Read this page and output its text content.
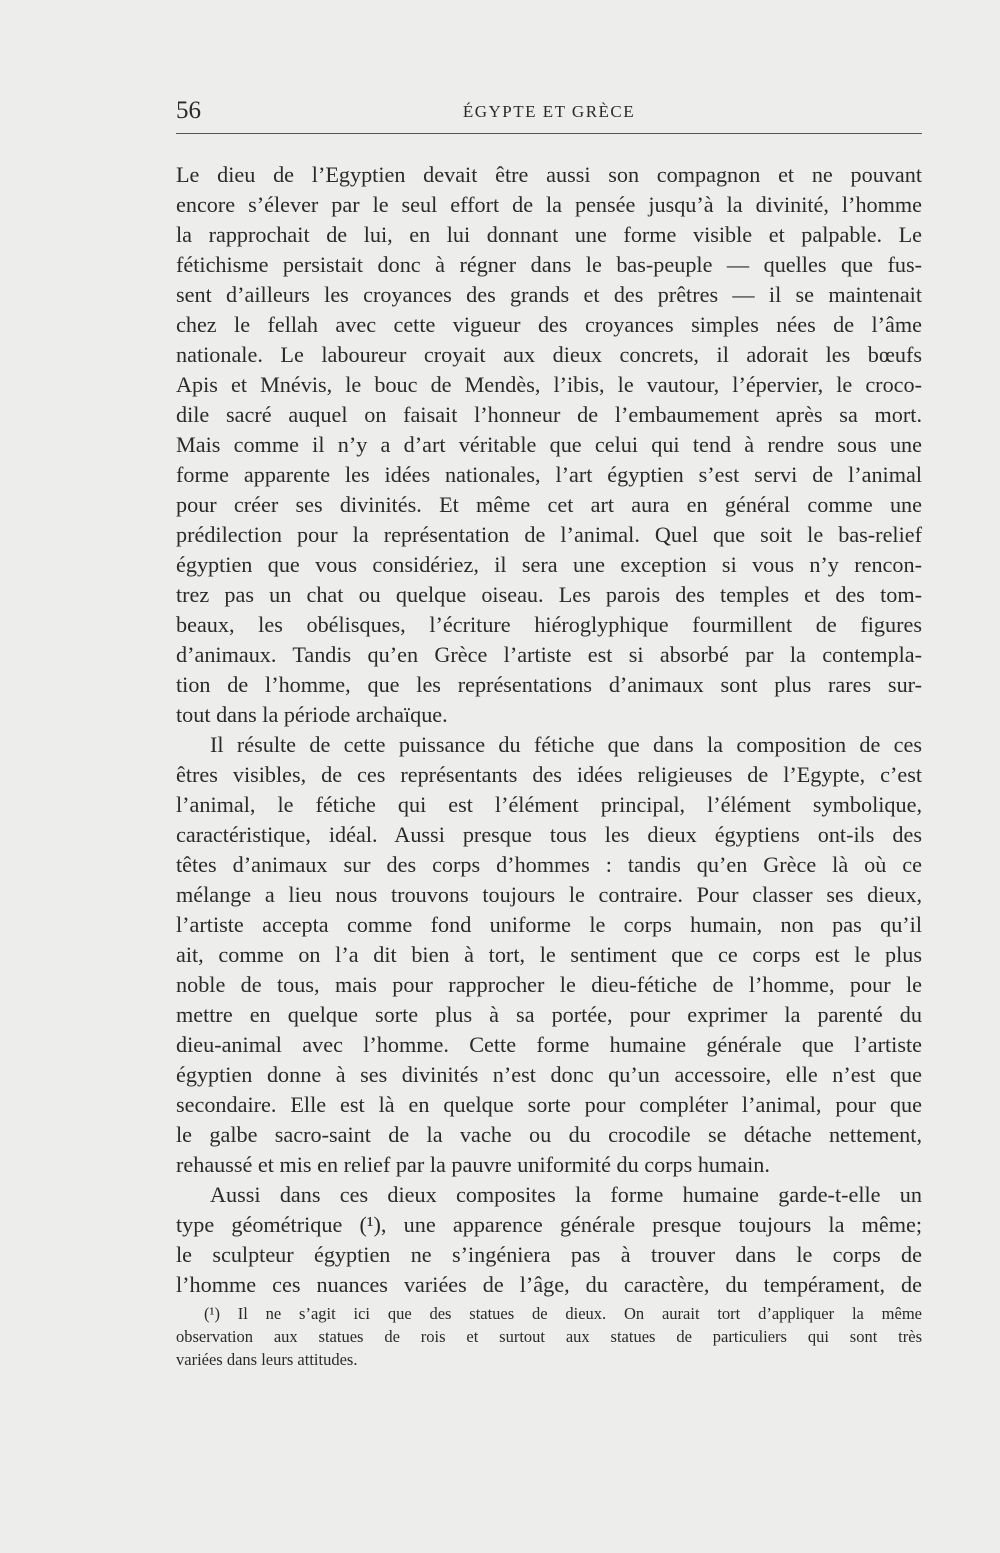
56	ÉGYPTE ET GRÈCE
Le dieu de l’Egyptien devait être aussi son compagnon et ne pouvant
encore s’élever par le seul effort de la pensée jusqu’à la divinité, l’homme
la rapprochait de lui, en lui donnant une forme visible et palpable. Le
fétichisme persistait donc à régner dans le bas-peuple — quelles que fus-
sent d’ailleurs les croyances des grands et des prêtres — il se maintenait
chez le fellah avec cette vigueur des croyances simples nées de l’âme
nationale. Le laboureur croyait aux dieux concrets, il adorait les bœufs
Apis et Mnévis, le bouc de Mendès, l’ibis, le vautour, l’épervier, le croco-
dile sacré auquel on faisait l’honneur de l’embaumement après sa mort.
Mais comme il n’y a d’art véritable que celui qui tend à rendre sous une
forme apparente les idées nationales, l’art égyptien s’est servi de l’animal
pour créer ses divinités. Et même cet art aura en général comme une
prédilection pour la représentation de l’animal. Quel que soit le bas-relief
égyptien que vous considériez, il sera une exception si vous n’y rencon-
trez pas un chat ou quelque oiseau. Les parois des temples et des tom-
beaux, les obélisques, l’écriture hiéroglyphique fourmillent de figures
d’animaux. Tandis qu’en Grèce l’artiste est si absorbé par la contempla-
tion de l’homme, que les représentations d’animaux sont plus rares sur-
tout dans la période archaïque.
Il résulte de cette puissance du fétiche que dans la composition de ces
êtres visibles, de ces représentants des idées religieuses de l’Egypte, c’est
l’animal, le fétiche qui est l’élément principal, l’élément symbolique,
caractéristique, idéal. Aussi presque tous les dieux égyptiens ont-ils des
têtes d’animaux sur des corps d’hommes : tandis qu’en Grèce là où ce
mélange a lieu nous trouvons toujours le contraire. Pour classer ses dieux,
l’artiste accepta comme fond uniforme le corps humain, non pas qu’il
ait, comme on l’a dit bien à tort, le sentiment que ce corps est le plus
noble de tous, mais pour rapprocher le dieu-fétiche de l’homme, pour le
mettre en quelque sorte plus à sa portée, pour exprimer la parenté du
dieu-animal avec l’homme. Cette forme humaine générale que l’artiste
égyptien donne à ses divinités n’est donc qu’un accessoire, elle n’est que
secondaire. Elle est là en quelque sorte pour compléter l’animal, pour que
le galbe sacro-saint de la vache ou du crocodile se détache nettement,
rehaussé et mis en relief par la pauvre uniformité du corps humain.
Aussi dans ces dieux composites la forme humaine garde-t-elle un
type géométrique (¹), une apparence générale presque toujours la même;
le sculpteur égyptien ne s’ingéniera pas à trouver dans le corps de
l’homme ces nuances variées de l’âge, du caractère, du tempérament, de
(¹) Il ne s’agit ici que des statues de dieux. On aurait tort d’appliquer la même
observation aux statues de rois et surtout aux statues de particuliers qui sont très
variées dans leurs attitudes.
